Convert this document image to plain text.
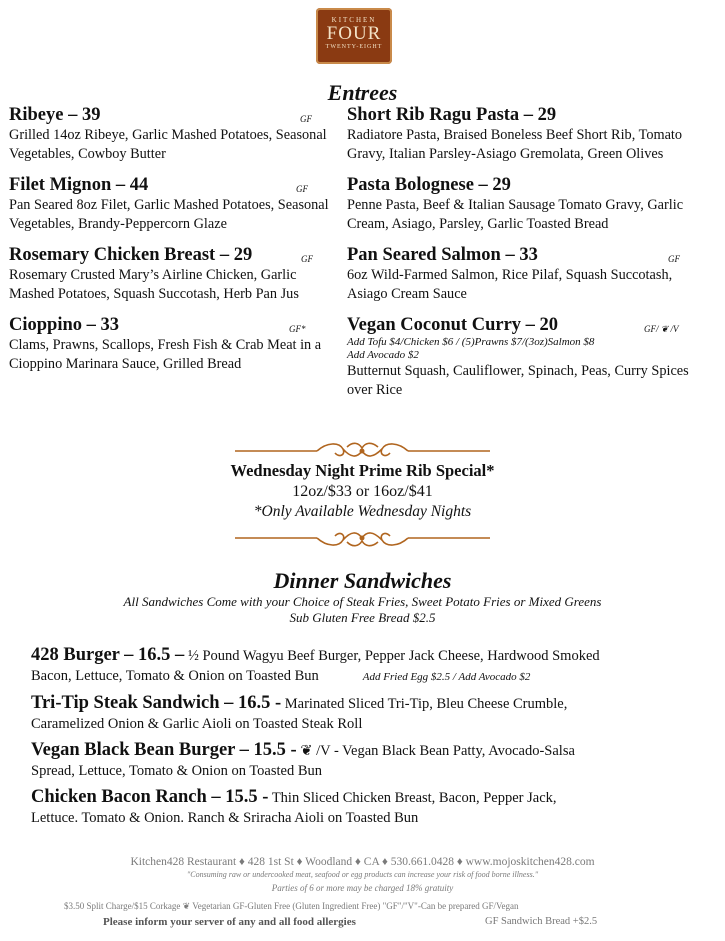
KITCHEN
FOUR
TWENTY-EIGHT
Entrees
Ribeye – 39	GF
Grilled 14oz Ribeye, Garlic Mashed Potatoes, Seasonal Vegetables, Cowboy Butter
Filet Mignon – 44	GF
Pan Seared 8oz Filet, Garlic Mashed Potatoes, Seasonal Vegetables, Brandy-Peppercorn Glaze
Rosemary Chicken Breast – 29	GF
Rosemary Crusted Mary’s Airline Chicken, Garlic Mashed Potatoes, Squash Succotash, Herb Pan Jus
Cioppino – 33	GF*
Clams, Prawns, Scallops, Fresh Fish & Crab Meat in a Cioppino Marinara Sauce, Grilled Bread
Short Rib Ragu Pasta – 29
Radiatore Pasta, Braised Boneless Beef Short Rib, Tomato Gravy, Italian Parsley-Asiago Gremolata, Green Olives
Pasta Bolognese – 29
Penne Pasta, Beef & Italian Sausage Tomato Gravy, Garlic Cream, Asiago, Parsley, Garlic Toasted Bread
Pan Seared Salmon – 33	GF
6oz Wild-Farmed Salmon, Rice Pilaf, Squash Succotash, Asiago Cream Sauce
Vegan Coconut Curry – 20	GF/ ❦ /V
Add Tofu $4/Chicken $6 / (5)Prawns $7/(3oz)Salmon $8
Add Avocado $2
Butternut Squash, Cauliflower, Spinach, Peas, Curry Spices over Rice
Wednesday Night Prime Rib Special*
12oz/$33 or 16oz/$41
*Only Available Wednesday Nights
Dinner Sandwiches
All Sandwiches Come with your Choice of Steak Fries, Sweet Potato Fries or Mixed Greens
Sub Gluten Free Bread $2.5
428 Burger – 16.5 – ½ Pound Wagyu Beef Burger, Pepper Jack Cheese, Hardwood Smoked
Bacon, Lettuce, Tomato & Onion on Toasted Bun	Add Fried Egg $2.5 / Add Avocado $2
Tri-Tip Steak Sandwich – 16.5 - Marinated Sliced Tri-Tip, Bleu Cheese Crumble,
Caramelized Onion & Garlic Aioli on Toasted Steak Roll
Vegan Black Bean Burger – 15.5 - ❦ /V - Vegan Black Bean Patty, Avocado-Salsa
Spread, Lettuce, Tomato & Onion on Toasted Bun
Chicken Bacon Ranch – 15.5 - Thin Sliced Chicken Breast, Bacon, Pepper Jack,
Lettuce. Tomato & Onion. Ranch & Sriracha Aioli on Toasted Bun
Kitchen428 Restaurant ♦ 428 1st St ♦ Woodland ♦ CA ♦ 530.661.0428 ♦ www.mojoskitchen428.com
"Consuming raw or undercooked meat, seafood or egg products can increase your risk of food borne illness."
Parties of 6 or more may be charged 18% gratuity
$3.50 Split Charge/$15 Corkage ❦ Vegetarian GF-Gluten Free (Gluten Ingredient Free) "GF"/"V"-Can be prepared GF/Vegan
Please inform your server of any and all food allergies	GF Sandwich Bread +$2.5
